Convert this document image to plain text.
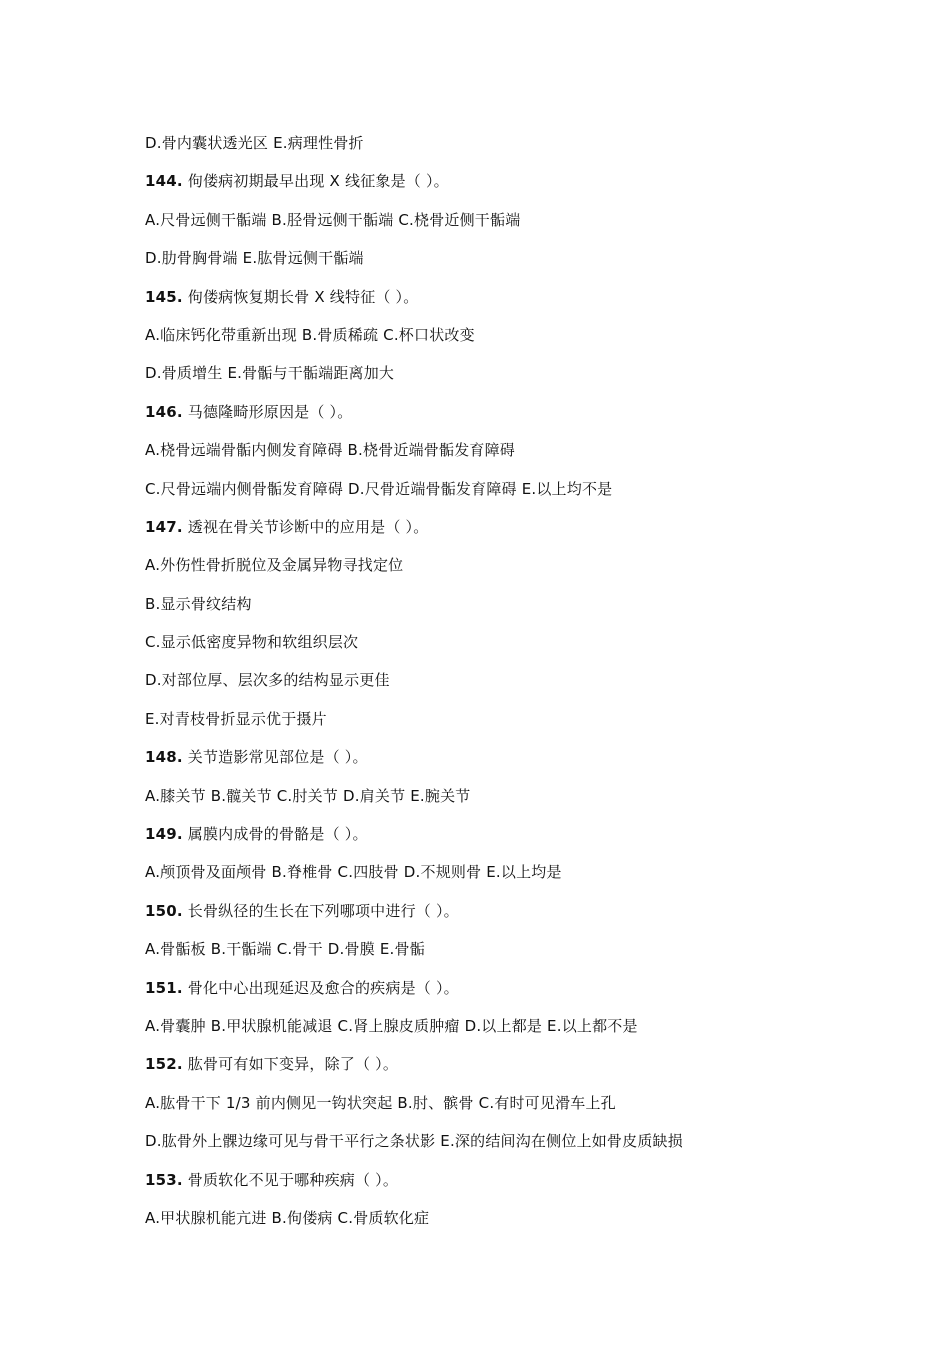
D.骨内囊状透光区 E.病理性骨折
144. 佝偻病初期最早出现 X 线征象是（ ）。
A.尺骨远侧干骺端 B.胫骨远侧干骺端 C.桡骨近侧干骺端
D.肋骨胸骨端 E.肱骨远侧干骺端
145. 佝偻病恢复期长骨 X 线特征（ ）。
A.临床钙化带重新出现 B.骨质稀疏 C.杯口状改变
D.骨质增生 E.骨骺与干骺端距离加大
146. 马德隆畸形原因是（ ）。
A.桡骨远端骨骺内侧发育障碍 B.桡骨近端骨骺发育障碍
C.尺骨远端内侧骨骺发育障碍 D.尺骨近端骨骺发育障碍 E.以上均不是
147. 透视在骨关节诊断中的应用是（ ）。
A.外伤性骨折脱位及金属异物寻找定位
B.显示骨纹结构
C.显示低密度异物和软组织层次
D.对部位厚、层次多的结构显示更佳
E.对青枝骨折显示优于摄片
148. 关节造影常见部位是（ ）。
A.膝关节 B.髋关节 C.肘关节 D.肩关节 E.腕关节
149. 属膜内成骨的骨骼是（ ）。
A.颅顶骨及面颅骨 B.脊椎骨 C.四肢骨 D.不规则骨 E.以上均是
150. 长骨纵径的生长在下列哪项中进行（ ）。
A.骨骺板 B.干骺端 C.骨干 D.骨膜 E.骨骺
151. 骨化中心出现延迟及愈合的疾病是（ ）。
A.骨囊肿 B.甲状腺机能减退 C.肾上腺皮质肿瘤 D.以上都是 E.以上都不是
152. 肱骨可有如下变异，除了（ ）。
A.肱骨干下 1/3 前内侧见一钩状突起 B.肘、髌骨 C.有时可见滑车上孔
D.肱骨外上髁边缘可见与骨干平行之条状影 E.深的结间沟在侧位上如骨皮质缺损
153. 骨质软化不见于哪种疾病（ ）。
A.甲状腺机能亢进 B.佝偻病 C.骨质软化症
